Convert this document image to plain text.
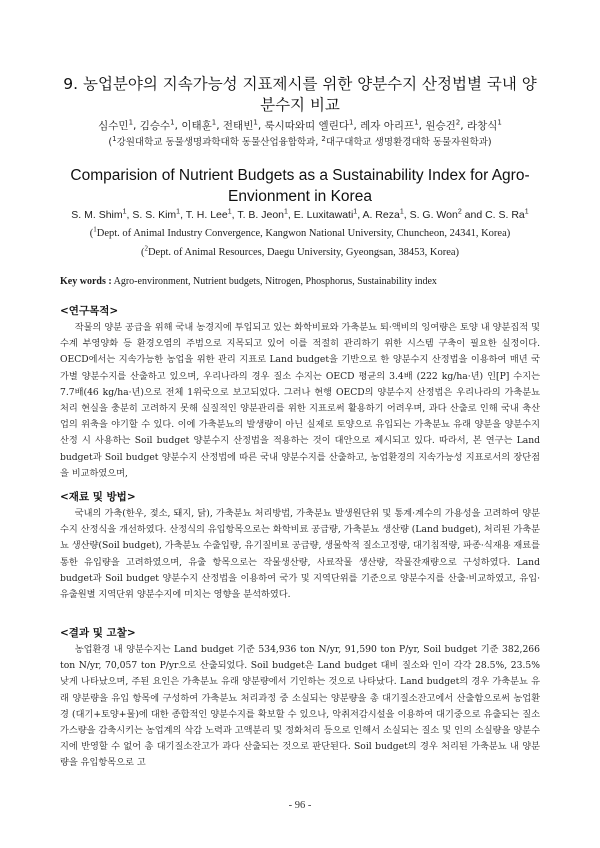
9. 농업분야의 지속가능성 지표제시를 위한 양분수지 산정법별 국내 양분수지 비교
심수민$^1$, 김승수$^1$, 이태훈$^1$, 전태빈$^1$, 룩시따와띠 엘린다$^1$, 레자 아리프$^1$, 원승건$^2$, 라창식$^1$
($^1$강원대학교 동물생명과학대학 동물산업융합학과, $^2$대구대학교 생명환경대학 동물자원학과)
Comparision of Nutrient Budgets as a Sustainability Index for Agro-Envionment in Korea
S. M. Shim$^1$, S. S. Kim$^1$, T. H. Lee$^1$, T. B. Jeon$^1$, E. Luxitawati$^1$, A. Reza$^1$, S. G. Won$^2$ and C. S. Ra$^1$
($^1$Dept. of Animal Industry Convergence, Kangwon National University, Chuncheon, 24341, Korea)
($^2$Dept. of Animal Resources, Daegu University, Gyeongsan, 38453, Korea)
Key words : Agro-environment, Nutrient budgets, Nitrogen, Phosphorus, Sustainability index
<연구목적>
작물의 양분 공급을 위해 국내 농경지에 투입되고 있는 화학비료와 가축분뇨 퇴·액비의 잉여량은 토양 내 양분집적 및 수계 부영양화 등 환경오염의 주범으로 지목되고 있어 이를 적절히 관리하기 위한 시스템 구축이 필요한 실정이다. OECD에서는 지속가능한 농업을 위한 관리 지표로 Land budget을 기반으로 한 양분수지 산정법을 이용하여 매년 국가별 양분수지를 산출하고 있으며, 우리나라의 경우 질소 수지는 OECD 평균의 3.4배 (222 kg/ha·년) 인[P] 수지는 7.7배(46 kg/ha·년)으로 전체 1위국으로 보고되었다. 그러나 현행 OECD의 양분수지 산정법은 우리나라의 가축분뇨 처리 현실을 충분히 고려하지 못해 실질적인 양분관리를 위한 지표로써 활용하기 어려우며, 과다 산출로 인해 국내 축산업의 위축을 야기할 수 있다. 이에 가축분뇨의 발생량이 아닌 실제로 토양으로 유입되는 가축분뇨 유래 양분을 양분수지 산정 시 사용하는 Soil budget 양분수지 산정법을 적용하는 것이 대안으로 제시되고 있다. 따라서, 본 연구는 Land budget과 Soil budget 양분수지 산정법에 따른 국내 양분수지를 산출하고, 농업환경의 지속가능성 지표로서의 장단점을 비교하였으며,
<재료 및 방법>
국내의 가축(한우, 젖소, 돼지, 닭), 가축분뇨 처리방법, 가축분뇨 발생원단위 및 통계·계수의 가용성을 고려하여 양분수지 산정식을 개선하였다. 산정식의 유입항목으로는 화학비료 공급량, 가축분뇨 생산량 (Land budget), 처리된 가축분뇨 생산량(Soil budget), 가축분뇨 수출입량, 유기질비료 공급량, 생물학적 질소고정량, 대기침적량, 파종·식재용 재료를 통한 유입량을 고려하였으며, 유출 항목으로는 작물생산량, 사료작물 생산량, 작물잔재량으로 구성하였다. Land budget과 Soil budget 양분수지 산정법을 이용하여 국가 및 지역단위를 기준으로 양분수지를 산출·비교하였고, 유입·유출원별 지역단위 양분수지에 미치는 영향을 분석하였다.
<결과 및 고찰>
농업환경 내 양분수지는 Land budget 기준 534,936 ton N/yr, 91,590 ton P/yr, Soil budget 기준 382,266 ton N/yr, 70,057 ton P/yr으로 산출되었다. Soil budget은 Land budget 대비 질소와 인이 각각 28.5%, 23.5% 낮게 나타났으며, 주된 요인은 가축분뇨 유래 양분량에서 기인하는 것으로 나타났다. Land budget의 경우 가축분뇨 유래 양분량을 유입 항목에 구성하여 가축분뇨 처리과정 중 소실되는 양분량을 총 대기질소잔고에서 산출함으로써 농업환경 (대기+토양+물)에 대한 종합적인 양분수지를 확보할 수 있으나, 악취저감시설을 이용하여 대기중으로 유출되는 질소가스량을 감축시키는 농업계의 삭감 노력과 고액분리 및 정화처리 등으로 인해서 소실되는 질소 및 인의 소실량을 양분수지에 반영할 수 없어 총 대기질소잔고가 과다 산출되는 것으로 판단된다. Soil budget의 경우 처리된 가축분뇨 내 양분량을 유입항목으로 고
- 96 -
